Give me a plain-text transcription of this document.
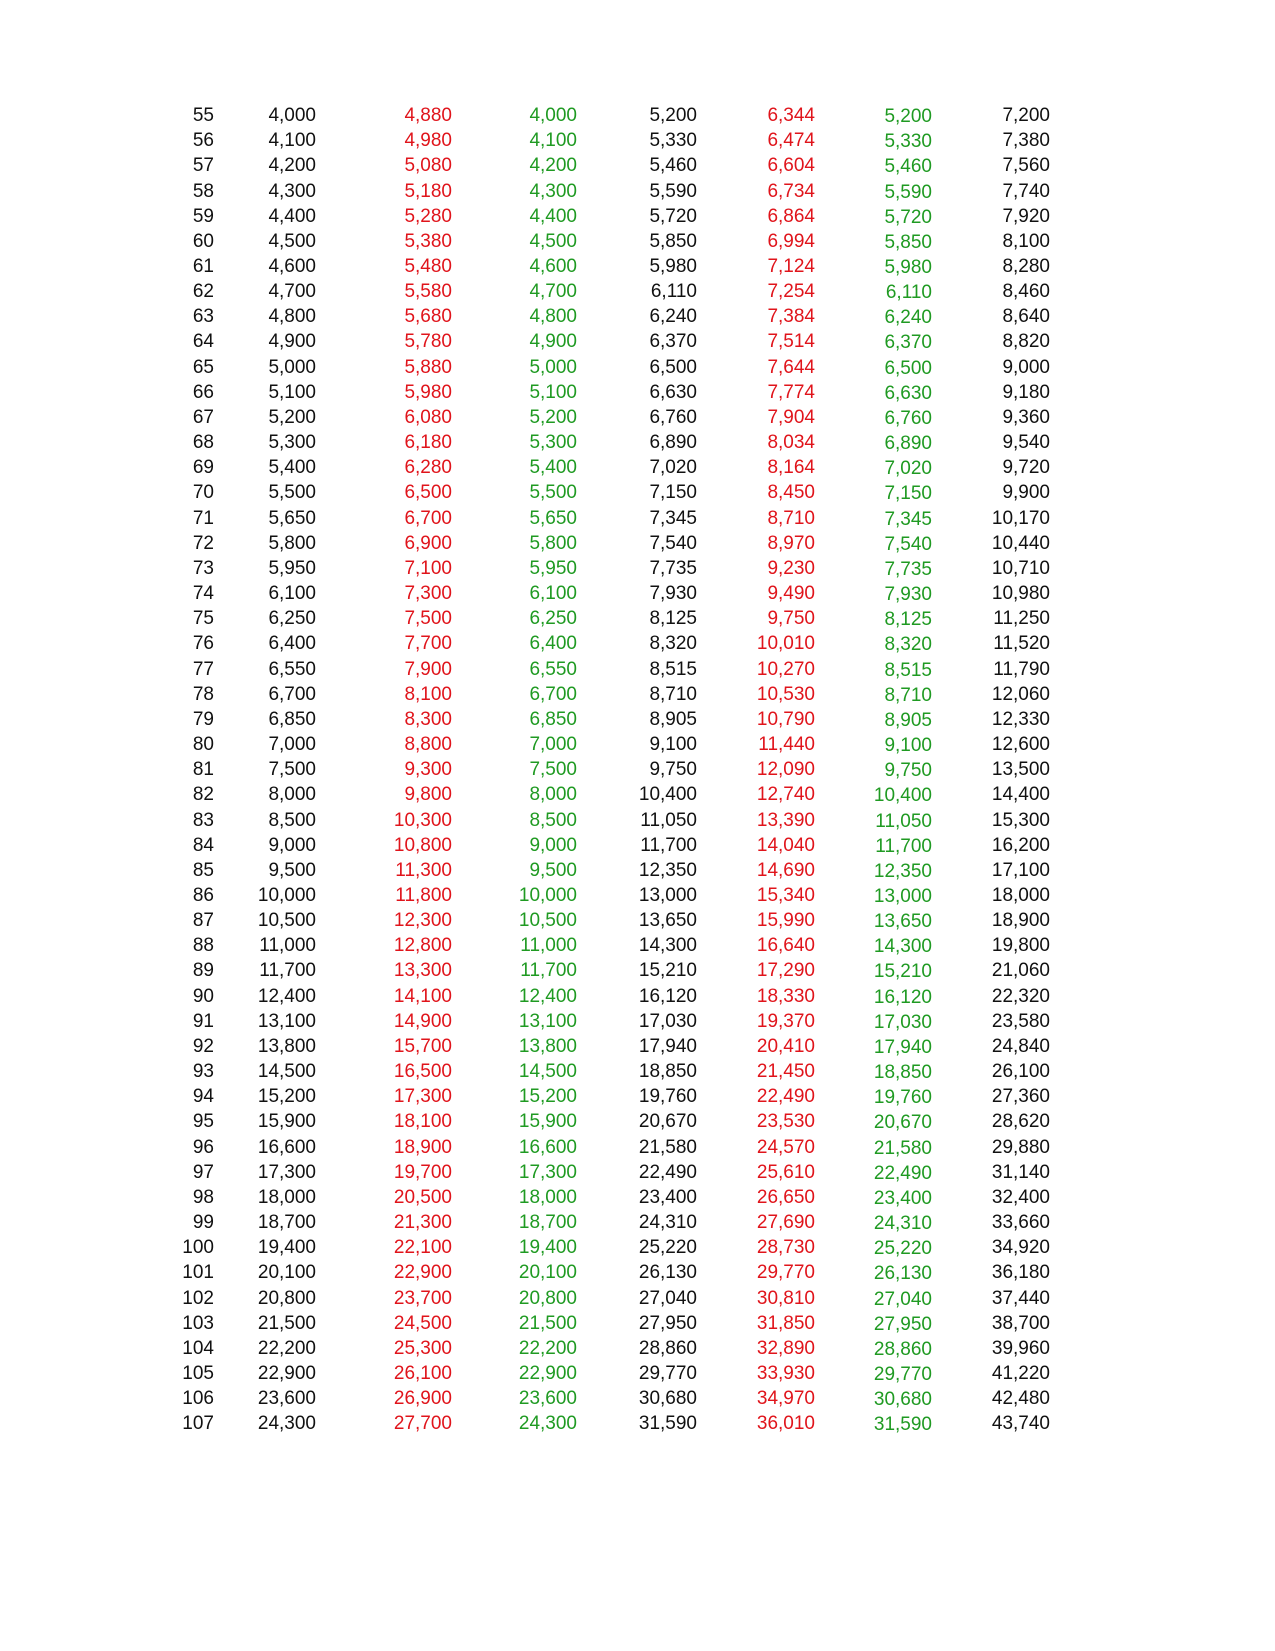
55	4,000	4,880	4,000	5,200	6,344	5,200	7,200
56	4,100	4,980	4,100	5,330	6,474	5,330	7,380
57	4,200	5,080	4,200	5,460	6,604	5,460	7,560
58	4,300	5,180	4,300	5,590	6,734	5,590	7,740
59	4,400	5,280	4,400	5,720	6,864	5,720	7,920
60	4,500	5,380	4,500	5,850	6,994	5,850	8,100
61	4,600	5,480	4,600	5,980	7,124	5,980	8,280
62	4,700	5,580	4,700	6,110	7,254	6,110	8,460
63	4,800	5,680	4,800	6,240	7,384	6,240	8,640
64	4,900	5,780	4,900	6,370	7,514	6,370	8,820
65	5,000	5,880	5,000	6,500	7,644	6,500	9,000
66	5,100	5,980	5,100	6,630	7,774	6,630	9,180
67	5,200	6,080	5,200	6,760	7,904	6,760	9,360
68	5,300	6,180	5,300	6,890	8,034	6,890	9,540
69	5,400	6,280	5,400	7,020	8,164	7,020	9,720
70	5,500	6,500	5,500	7,150	8,450	7,150	9,900
71	5,650	6,700	5,650	7,345	8,710	7,345	10,170
72	5,800	6,900	5,800	7,540	8,970	7,540	10,440
73	5,950	7,100	5,950	7,735	9,230	7,735	10,710
74	6,100	7,300	6,100	7,930	9,490	7,930	10,980
75	6,250	7,500	6,250	8,125	9,750	8,125	11,250
76	6,400	7,700	6,400	8,320	10,010	8,320	11,520
77	6,550	7,900	6,550	8,515	10,270	8,515	11,790
78	6,700	8,100	6,700	8,710	10,530	8,710	12,060
79	6,850	8,300	6,850	8,905	10,790	8,905	12,330
80	7,000	8,800	7,000	9,100	11,440	9,100	12,600
81	7,500	9,300	7,500	9,750	12,090	9,750	13,500
82	8,000	9,800	8,000	10,400	12,740	10,400	14,400
83	8,500	10,300	8,500	11,050	13,390	11,050	15,300
84	9,000	10,800	9,000	11,700	14,040	11,700	16,200
85	9,500	11,300	9,500	12,350	14,690	12,350	17,100
86	10,000	11,800	10,000	13,000	15,340	13,000	18,000
87	10,500	12,300	10,500	13,650	15,990	13,650	18,900
88	11,000	12,800	11,000	14,300	16,640	14,300	19,800
89	11,700	13,300	11,700	15,210	17,290	15,210	21,060
90	12,400	14,100	12,400	16,120	18,330	16,120	22,320
91	13,100	14,900	13,100	17,030	19,370	17,030	23,580
92	13,800	15,700	13,800	17,940	20,410	17,940	24,840
93	14,500	16,500	14,500	18,850	21,450	18,850	26,100
94	15,200	17,300	15,200	19,760	22,490	19,760	27,360
95	15,900	18,100	15,900	20,670	23,530	20,670	28,620
96	16,600	18,900	16,600	21,580	24,570	21,580	29,880
97	17,300	19,700	17,300	22,490	25,610	22,490	31,140
98	18,000	20,500	18,000	23,400	26,650	23,400	32,400
99	18,700	21,300	18,700	24,310	27,690	24,310	33,660
100	19,400	22,100	19,400	25,220	28,730	25,220	34,920
101	20,100	22,900	20,100	26,130	29,770	26,130	36,180
102	20,800	23,700	20,800	27,040	30,810	27,040	37,440
103	21,500	24,500	21,500	27,950	31,850	27,950	38,700
104	22,200	25,300	22,200	28,860	32,890	28,860	39,960
105	22,900	26,100	22,900	29,770	33,930	29,770	41,220
106	23,600	26,900	23,600	30,680	34,970	30,680	42,480
107	24,300	27,700	24,300	31,590	36,010	31,590	43,740
